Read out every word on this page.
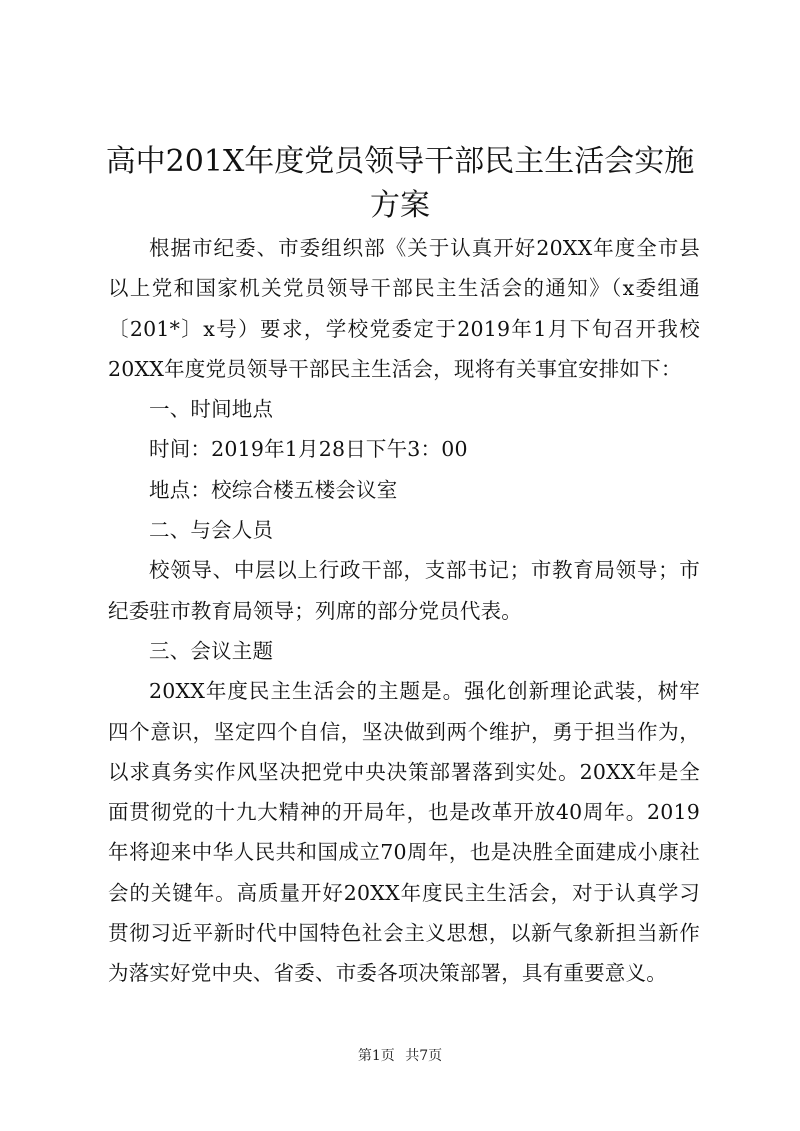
高中201X年度党员领导干部民主生活会实施
方案

根据市纪委、市委组织部《关于认真开好20XX年度全市县以上党和国家机关党员领导干部民主生活会的通知》（x委组通〔201*〕x号）要求，学校党委定于2019年1月下旬召开我校20XX年度党员领导干部民主生活会，现将有关事宜安排如下：

一、时间地点

时间：2019年1月28日下午3：00

地点：校综合楼五楼会议室

二、与会人员

校领导、中层以上行政干部，支部书记；市教育局领导；市纪委驻市教育局领导；列席的部分党员代表。

三、会议主题

20XX年度民主生活会的主题是。强化创新理论武装，树牢四个意识，坚定四个自信，坚决做到两个维护，勇于担当作为，以求真务实作风坚决把党中央决策部署落到实处。20XX年是全面贯彻党的十九大精神的开局年，也是改革开放40周年。2019年将迎来中华人民共和国成立70周年，也是决胜全面建成小康社会的关键年。高质量开好20XX年度民主生活会，对于认真学习贯彻习近平新时代中国特色社会主义思想，以新气象新担当新作为落实好党中央、省委、市委各项决策部署，具有重要意义。

第1页 共7页
